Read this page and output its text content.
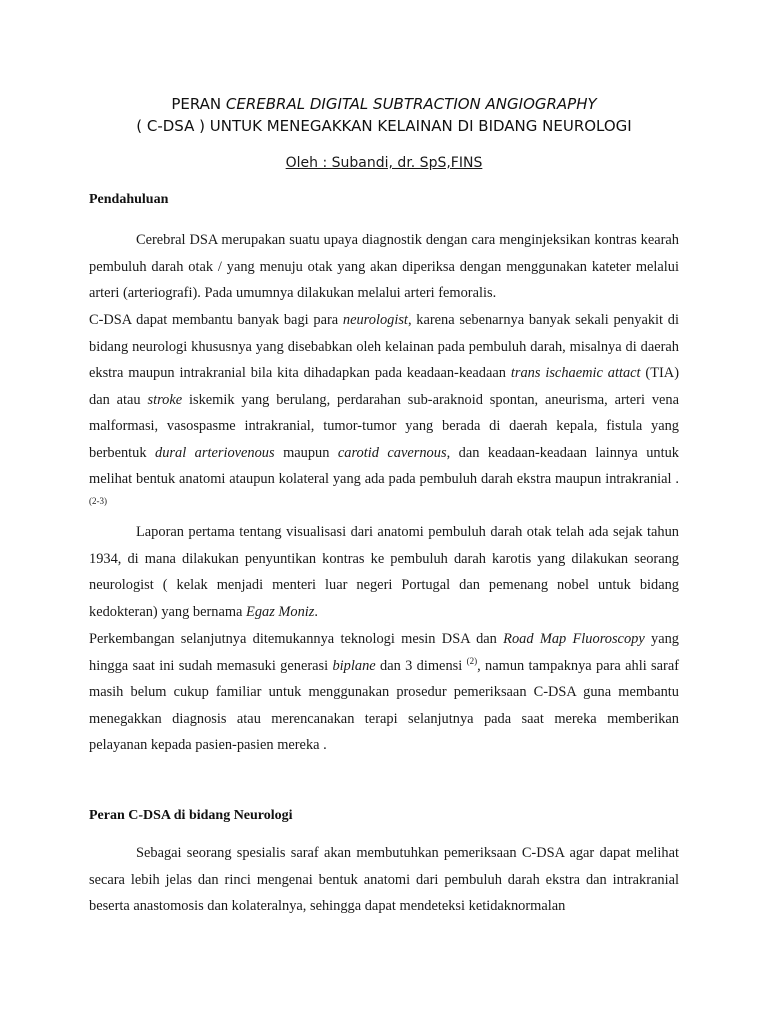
PERAN CEREBRAL DIGITAL SUBTRACTION ANGIOGRAPHY
( C-DSA ) UNTUK MENEGAKKAN KELAINAN DI BIDANG NEUROLOGI
Oleh : Subandi, dr. SpS,FINS
Pendahuluan
Cerebral DSA merupakan suatu upaya diagnostik dengan cara menginjeksikan kontras kearah pembuluh darah otak / yang menuju otak yang akan diperiksa dengan menggunakan kateter melalui arteri (arteriografi). Pada umumnya dilakukan melalui arteri femoralis.
C-DSA dapat membantu banyak bagi para neurologist, karena sebenarnya banyak sekali penyakit di bidang neurologi khususnya yang disebabkan oleh kelainan pada pembuluh darah, misalnya di daerah ekstra maupun intrakranial bila kita dihadapkan pada keadaan-keadaan trans ischaemic attact (TIA) dan atau stroke iskemik yang berulang, perdarahan sub-araknoid spontan, aneurisma, arteri vena malformasi, vasospasme intrakranial, tumor-tumor yang berada di daerah kepala, fistula yang berbentuk dural arteriovenous maupun carotid cavernous, dan keadaan-keadaan lainnya untuk melihat bentuk anatomi ataupun kolateral yang ada pada pembuluh darah ekstra maupun intrakranial .$^{(2-3)}$
Laporan pertama tentang visualisasi dari anatomi pembuluh darah otak telah ada sejak tahun 1934, di mana dilakukan penyuntikan kontras ke pembuluh darah karotis yang dilakukan seorang neurologist ( kelak menjadi menteri luar negeri Portugal dan pemenang nobel untuk bidang kedokteran) yang bernama Egaz Moniz.
Perkembangan selanjutnya ditemukannya teknologi mesin DSA dan Road Map Fluoroscopy yang hingga saat ini sudah memasuki generasi biplane dan 3 dimensi $^{(2)}$, namun tampaknya para ahli saraf masih belum cukup familiar untuk menggunakan prosedur pemeriksaan C-DSA guna membantu menegakkan diagnosis atau merencanakan terapi selanjutnya pada saat mereka memberikan pelayanan kepada pasien-pasien mereka .
Peran C-DSA di bidang Neurologi
Sebagai seorang spesialis saraf akan membutuhkan pemeriksaan C-DSA agar dapat melihat secara lebih jelas dan rinci mengenai bentuk anatomi dari pembuluh darah ekstra dan intrakranial beserta anastomosis dan kolateralnya, sehingga dapat mendeteksi ketidaknormalan
